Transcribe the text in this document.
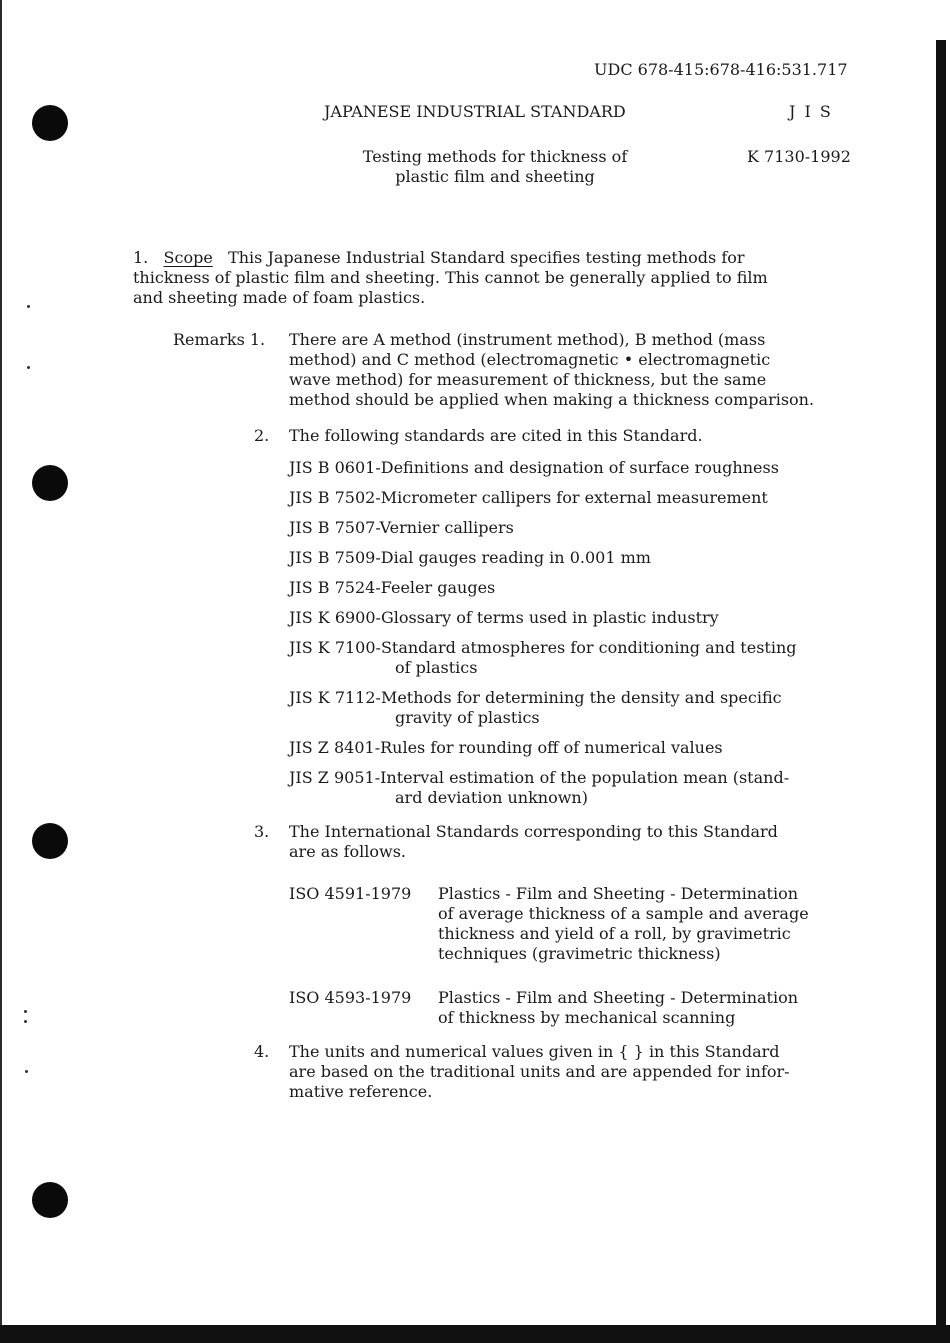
UDC 678-415:678-416:531.717
JAPANESE INDUSTRIAL STANDARD	J I S
Testing methods for thickness of
plastic film and sheeting
K 7130-1992
1. Scope This Japanese Industrial Standard specifies testing methods for
thickness of plastic film and sheeting. This cannot be generally applied to film
and sheeting made of foam plastics.
Remarks 1. There are A method (instrument method), B method (mass
method) and C method (electromagnetic • electromagnetic
wave method) for measurement of thickness, but the same
method should be applied when making a thickness comparison.
2. The following standards are cited in this Standard.
JIS B 0601-Definitions and designation of surface roughness
JIS B 7502-Micrometer callipers for external measurement
JIS B 7507-Vernier callipers
JIS B 7509-Dial gauges reading in 0.001 mm
JIS B 7524-Feeler gauges
JIS K 6900-Glossary of terms used in plastic industry
JIS K 7100-Standard atmospheres for conditioning and testing
of plastics
JIS K 7112-Methods for determining the density and specific
gravity of plastics
JIS Z 8401-Rules for rounding off of numerical values
JIS Z 9051-Interval estimation of the population mean (stand-
ard deviation unknown)
3. The International Standards corresponding to this Standard
are as follows.
ISO 4591-1979 Plastics - Film and Sheeting - Determination
of average thickness of a sample and average
thickness and yield of a roll, by gravimetric
techniques (gravimetric thickness)
ISO 4593-1979 Plastics - Film and Sheeting - Determination
of thickness by mechanical scanning
4. The units and numerical values given in { } in this Standard
are based on the traditional units and are appended for infor-
mative reference.
